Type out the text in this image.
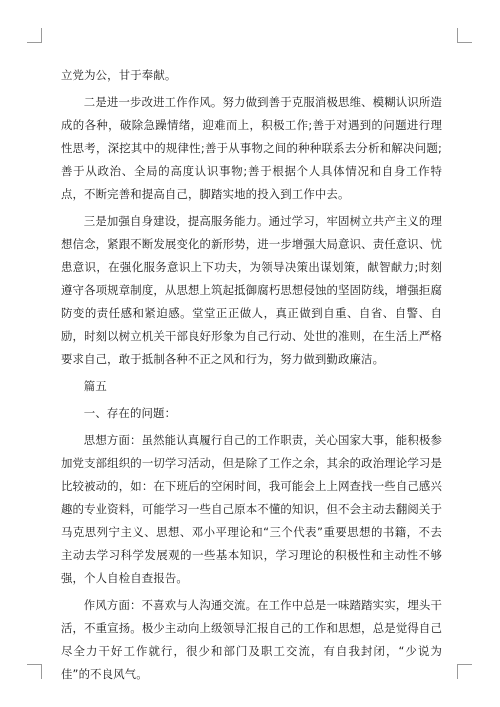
立党为公，甘于奉献。

二是进一步改进工作作风。努力做到善于克服消极思维、模糊认识所造成的各种，破除急躁情绪，迎难而上，积极工作;善于对遇到的问题进行理性思考，深挖其中的规律性;善于从事物之间的种种联系去分析和解决问题;善于从政治、全局的高度认识事物;善于根据个人具体情况和自身工作特点，不断完善和提高自己，脚踏实地的投入到工作中去。

三是加强自身建设，提高服务能力。通过学习，牢固树立共产主义的理想信念，紧跟不断发展变化的新形势，进一步增强大局意识、责任意识、忧患意识，在强化服务意识上下功夫，为领导决策出谋划策，献智献力;时刻遵守各项规章制度，从思想上筑起抵御腐朽思想侵蚀的坚固防线，增强拒腐防变的责任感和紧迫感。堂堂正正做人，真正做到自重、自省、自警、自励，时刻以树立机关干部良好形象为自己行动、处世的准则，在生活上严格要求自己，敢于抵制各种不正之风和行为，努力做到勤政廉洁。

篇五

一、存在的问题：

思想方面：虽然能认真履行自己的工作职责，关心国家大事，能积极参加党支部组织的一切学习活动，但是除了工作之余，其余的政治理论学习是比较被动的，如：在下班后的空闲时间，我可能会上上网查找一些自己感兴趣的专业资料，可能学习一些自己原本不懂的知识，但不会主动去翻阅关于马克思列宁主义、思想、邓小平理论和“三个代表”重要思想的书籍，不去主动去学习科学发展观的一些基本知识，学习理论的积极性和主动性不够强，个人自检自查报告。

作风方面：不喜欢与人沟通交流。在工作中总是一味踏踏实实，埋头干活，不重宣扬。极少主动向上级领导汇报自己的工作和思想，总是觉得自己尽全力干好工作就行，很少和部门及职工交流，有自我封闭，“少说为佳”的不良风气。
